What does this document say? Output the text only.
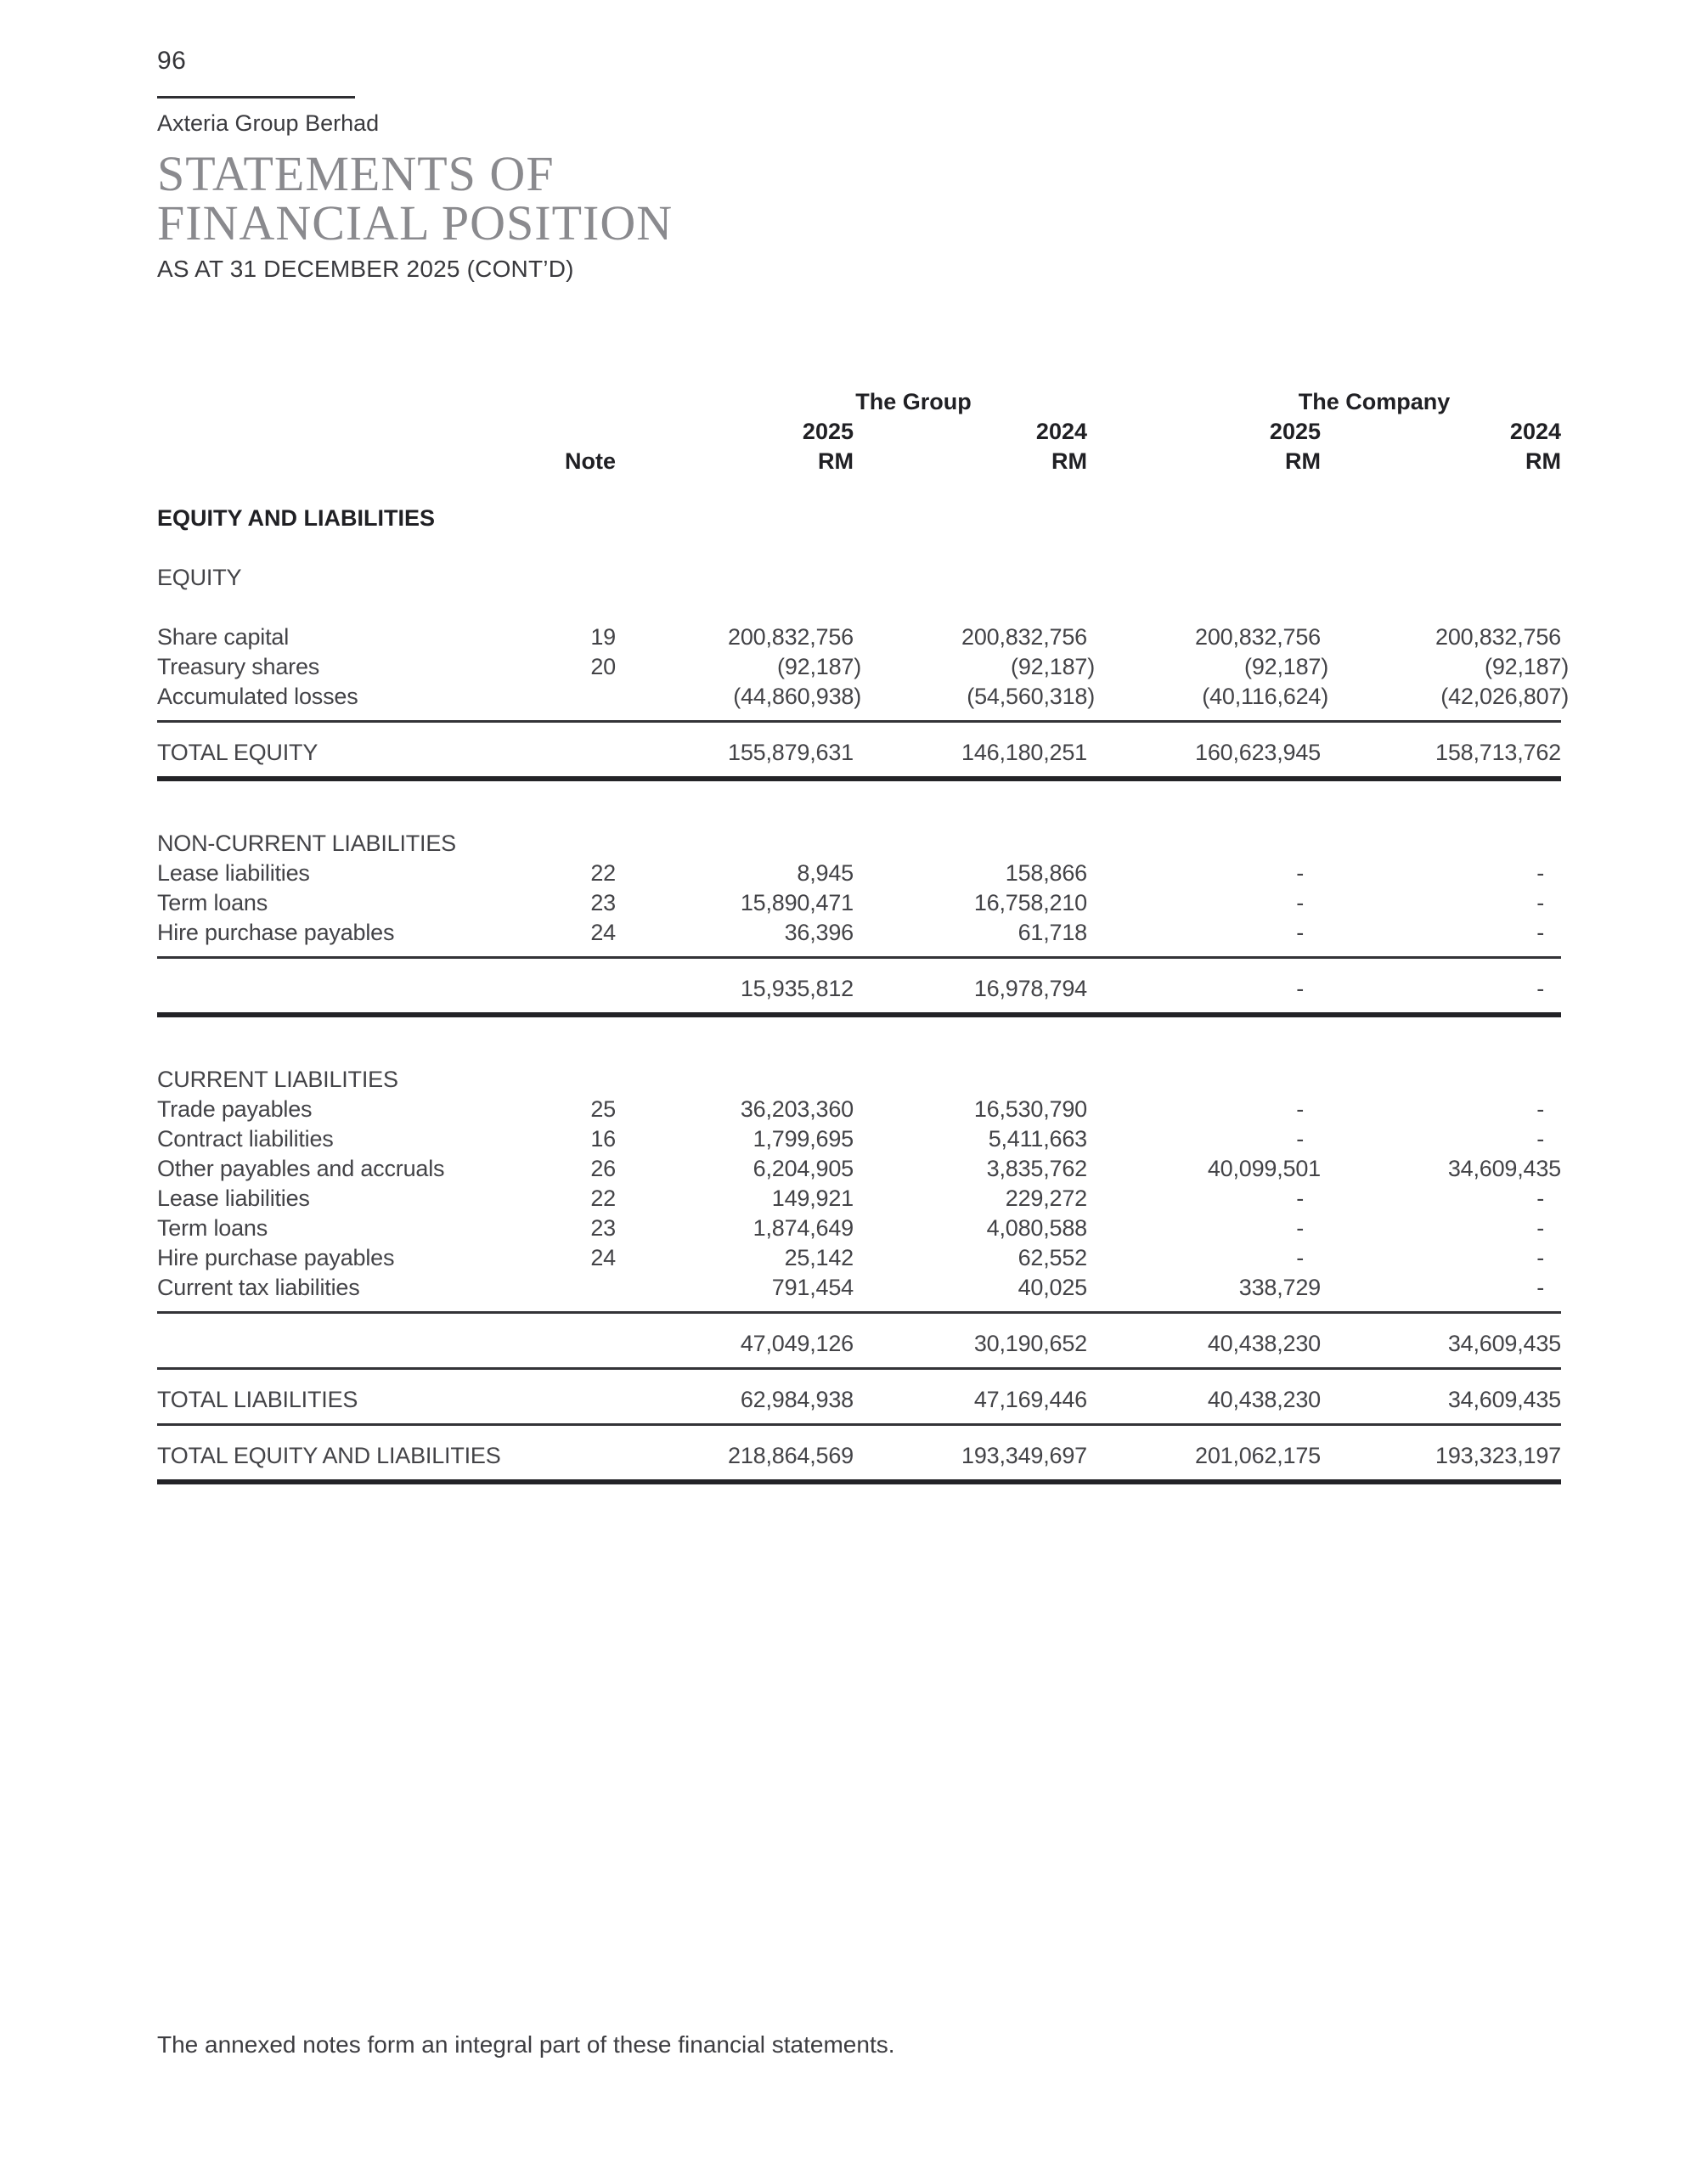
96
Axteria Group Berhad
STATEMENTS OF
FINANCIAL POSITION
AS AT 31 DECEMBER 2025 (CONT’D)
The Group	The Company
2025	2024	2025	2024
Note	RM	RM	RM	RM
EQUITY AND LIABILITIES
EQUITY
Share capital	19	200,832,756	200,832,756	200,832,756	200,832,756
Treasury shares	20	(92,187)	(92,187)	(92,187)	(92,187)
Accumulated losses	(44,860,938)	(54,560,318)	(40,116,624)	(42,026,807)
TOTAL EQUITY	155,879,631	146,180,251	160,623,945	158,713,762
NON-CURRENT LIABILITIES
Lease liabilities	22	8,945	158,866	-	-
Term loans	23	15,890,471	16,758,210	-	-
Hire purchase payables	24	36,396	61,718	-	-
15,935,812	16,978,794	-	-
CURRENT LIABILITIES
Trade payables	25	36,203,360	16,530,790	-	-
Contract liabilities	16	1,799,695	5,411,663	-	-
Other payables and accruals	26	6,204,905	3,835,762	40,099,501	34,609,435
Lease liabilities	22	149,921	229,272	-	-
Term loans	23	1,874,649	4,080,588	-	-
Hire purchase payables	24	25,142	62,552	-	-
Current tax liabilities	791,454	40,025	338,729	-
47,049,126	30,190,652	40,438,230	34,609,435
TOTAL LIABILITIES	62,984,938	47,169,446	40,438,230	34,609,435
TOTAL EQUITY AND LIABILITIES	218,864,569	193,349,697	201,062,175	193,323,197
The annexed notes form an integral part of these financial statements.
